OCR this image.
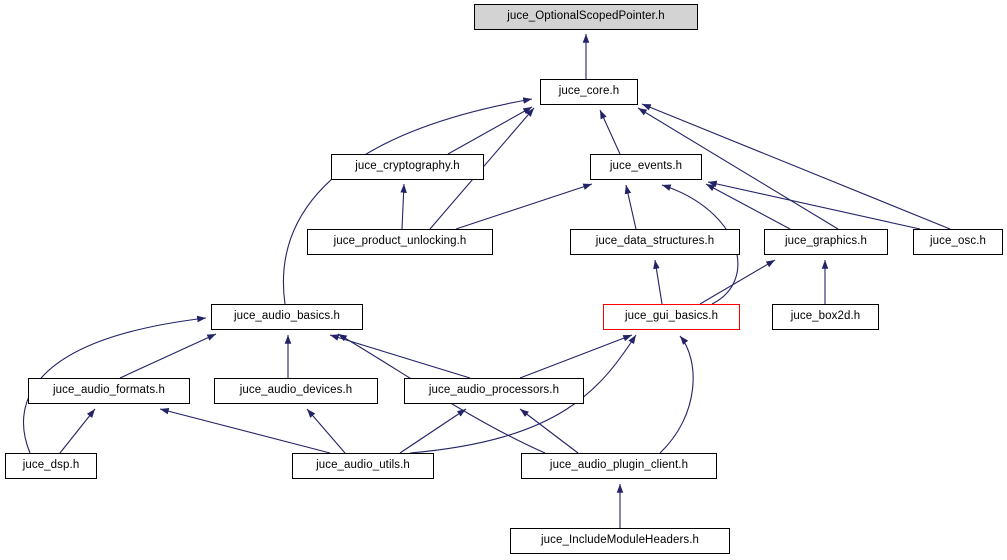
juce_OptionalScopedPointer.h
juce_core.h
juce_cryptography.h	juce_events.h
juce_product_unlocking.h	juce_data_structures.h	juce_graphics.h	juce_osc.h
juce_audio_basics.h	juce_gui_basics.h	juce_box2d.h
juce_audio_formats.h	juce_audio_devices.h	juce_audio_processors.h
juce_dsp.h	juce_audio_utils.h	juce_audio_plugin_client.h
juce_IncludeModuleHeaders.h
